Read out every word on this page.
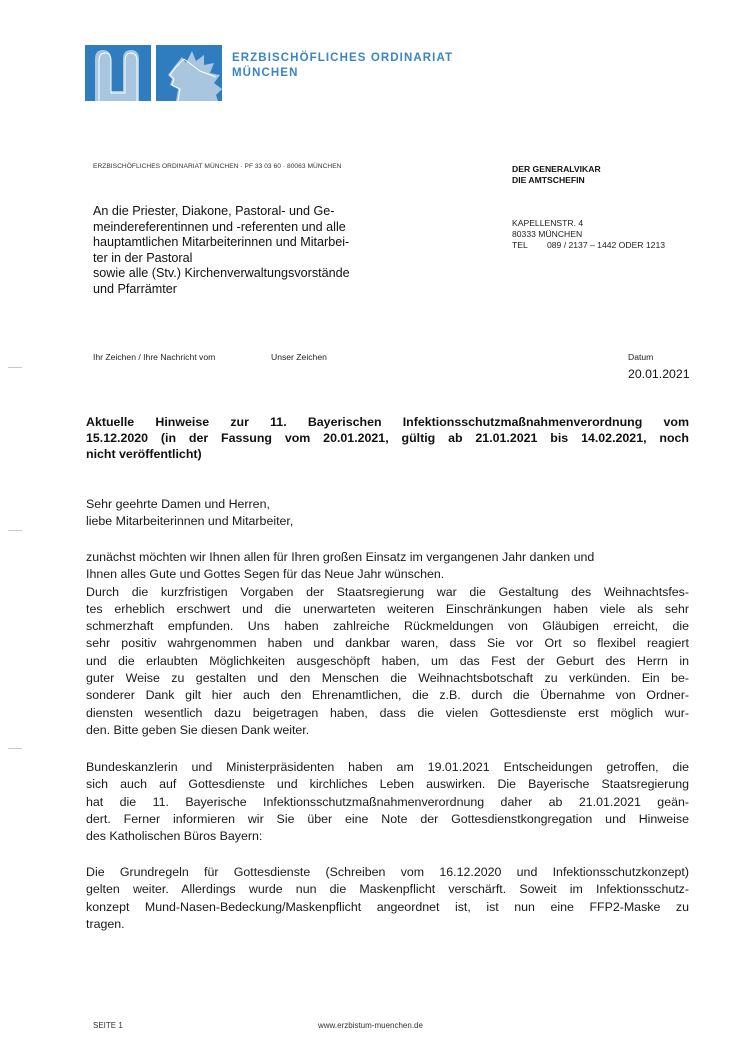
ERZBISCHÖFLICHES ORDINARIAT
MÜNCHEN
ERZBISCHÖFLICHES ORDINARIAT MÜNCHEN · PF 33 03 60 · 80063 MÜNCHEN	DER GENERALVIKAR
DIE AMTSCHEFIN
KAPELLENSTR. 4
80333 MÜNCHEN
TEL 089 / 2137 – 1442 ODER 1213
An die Priester, Diakone, Pastoral- und Ge-
meindereferentinnen und -referenten und alle
hauptamtlichen Mitarbeiterinnen und Mitarbei-
ter in der Pastoral
sowie alle (Stv.) Kirchenverwaltungsvorstände
und Pfarrämter
Ihr Zeichen / Ihre Nachricht vom	Unser Zeichen	Datum
20.01.2021
Aktuelle Hinweise zur 11. Bayerischen Infektionsschutzmaßnahmenverordnung vom
15.12.2020 (in der Fassung vom 20.01.2021, gültig ab 21.01.2021 bis 14.02.2021, noch
nicht veröffentlicht)
Sehr geehrte Damen und Herren,
liebe Mitarbeiterinnen und Mitarbeiter,
zunächst möchten wir Ihnen allen für Ihren großen Einsatz im vergangenen Jahr danken und
Ihnen alles Gute und Gottes Segen für das Neue Jahr wünschen.
Durch die kurzfristigen Vorgaben der Staatsregierung war die Gestaltung des Weihnachtsfes-
tes erheblich erschwert und die unerwarteten weiteren Einschränkungen haben viele als sehr
schmerzhaft empfunden. Uns haben zahlreiche Rückmeldungen von Gläubigen erreicht, die
sehr positiv wahrgenommen haben und dankbar waren, dass Sie vor Ort so flexibel reagiert
und die erlaubten Möglichkeiten ausgeschöpft haben, um das Fest der Geburt des Herrn in
guter Weise zu gestalten und den Menschen die Weihnachtsbotschaft zu verkünden. Ein be-
sonderer Dank gilt hier auch den Ehrenamtlichen, die z.B. durch die Übernahme von Ordner-
diensten wesentlich dazu beigetragen haben, dass die vielen Gottesdienste erst möglich wur-
den. Bitte geben Sie diesen Dank weiter.
Bundeskanzlerin und Ministerpräsidenten haben am 19.01.2021 Entscheidungen getroffen, die
sich auch auf Gottesdienste und kirchliches Leben auswirken. Die Bayerische Staatsregierung
hat die 11. Bayerische Infektionsschutzmaßnahmenverordnung daher ab 21.01.2021 geän-
dert. Ferner informieren wir Sie über eine Note der Gottesdienstkongregation und Hinweise
des Katholischen Büros Bayern:
Die Grundregeln für Gottesdienste (Schreiben vom 16.12.2020 und Infektionsschutzkonzept)
gelten weiter. Allerdings wurde nun die Maskenpflicht verschärft. Soweit im Infektionsschutz-
konzept Mund-Nasen-Bedeckung/Maskenpflicht angeordnet ist, ist nun eine FFP2-Maske zu
tragen.
SEITE 1	www.erzbistum-muenchen.de
